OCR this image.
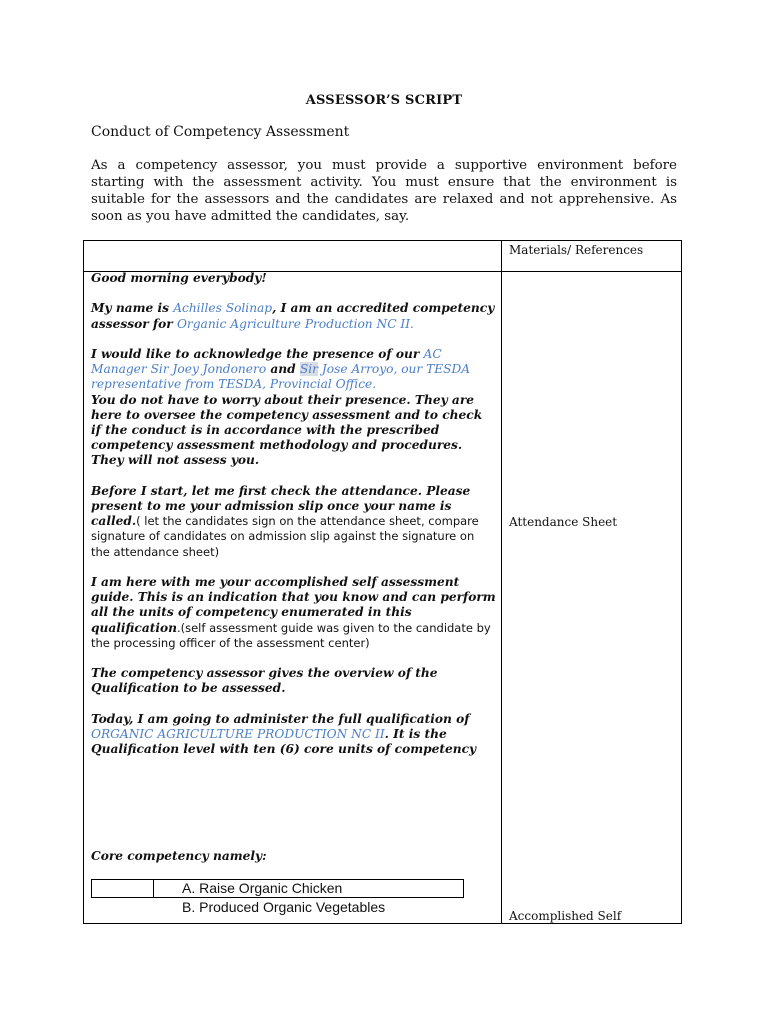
ASSESSOR’S SCRIPT
Conduct of Competency Assessment
As a competency assessor, you must provide a supportive environment before starting with the assessment activity. You must ensure that the environment is suitable for the assessors and the candidates are relaxed and not apprehensive. As soon as you have admitted the candidates, say.
Materials/ References
Attendance Sheet
Accomplished Self

Good morning everybody!

My name is Achilles Solinap, I am an accredited competency assessor for Organic Agriculture Production NC II.

I would like to acknowledge the presence of our AC Manager Sir Joey Jondonero and Sir Jose Arroyo, our TESDA representative from TESDA, Provincial Office.
You do not have to worry about their presence. They are here to oversee the competency assessment and to check if the conduct is in accordance with the prescribed competency assessment methodology and procedures. They will not assess you.

Before I start, let me first check the attendance. Please present to me your admission slip once your name is called.( let the candidates sign on the attendance sheet, compare signature of candidates on admission slip against the signature on the attendance sheet)

I am here with me your accomplished self assessment guide. This is an indication that you know and can perform all the units of competency enumerated in this qualification.(self assessment guide was given to the candidate by the processing officer of the assessment center)

The competency assessor gives the overview of the Qualification to be assessed.

Today, I am going to administer the full qualification of ORGANIC AGRICULTURE PRODUCTION NC II. It is the Qualification level with ten (6) core units of competency

Core competency namely:
A. Raise Organic Chicken
B. Produced Organic Vegetables
